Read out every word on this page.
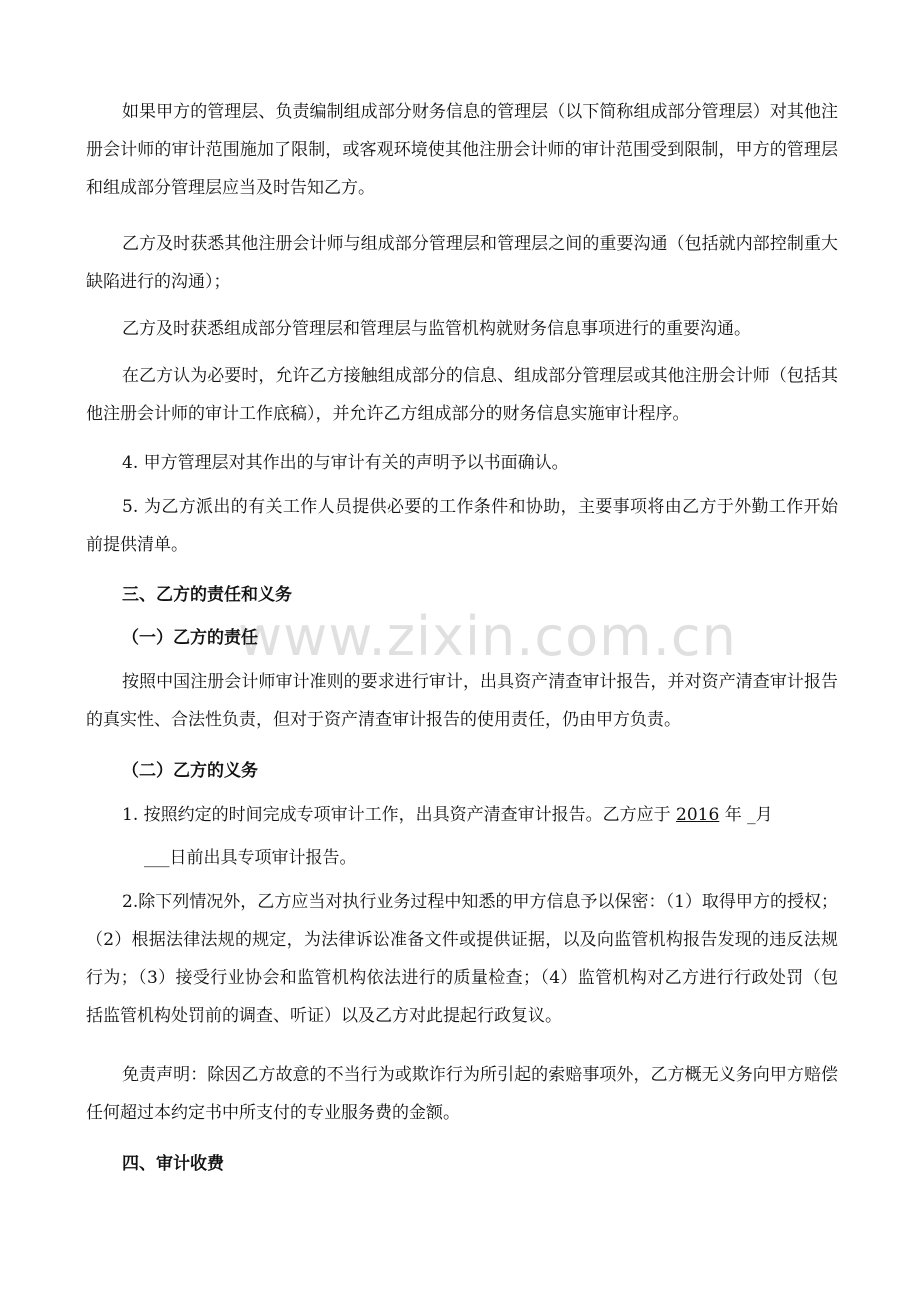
www.zixin.com.cn

如果甲方的管理层、负责编制组成部分财务信息的管理层（以下简称组成部分管理层）对其他注册会计师的审计范围施加了限制，或客观环境使其他注册会计师的审计范围受到限制，甲方的管理层和组成部分管理层应当及时告知乙方。

乙方及时获悉其他注册会计师与组成部分管理层和管理层之间的重要沟通（包括就内部控制重大缺陷进行的沟通）；

乙方及时获悉组成部分管理层和管理层与监管机构就财务信息事项进行的重要沟通。

在乙方认为必要时，允许乙方接触组成部分的信息、组成部分管理层或其他注册会计师（包括其他注册会计师的审计工作底稿），并允许乙方组成部分的财务信息实施审计程序。

4. 甲方管理层对其作出的与审计有关的声明予以书面确认。

5. 为乙方派出的有关工作人员提供必要的工作条件和协助，主要事项将由乙方于外勤工作开始前提供清单。

三、乙方的责任和义务

（一）乙方的责任

按照中国注册会计师审计准则的要求进行审计，出具资产清查审计报告，并对资产清查审计报告的真实性、合法性负责，但对于资产清查审计报告的使用责任，仍由甲方负责。

（二）乙方的义务

1. 按照约定的时间完成专项审计工作，出具资产清查审计报告。乙方应于 2016 年 _月

___日前出具专项审计报告。

2.除下列情况外，乙方应当对执行业务过程中知悉的甲方信息予以保密：（1）取得甲方的授权；（2）根据法律法规的规定，为法律诉讼准备文件或提供证据，以及向监管机构报告发现的违反法规行为；（3）接受行业协会和监管机构依法进行的质量检查；（4）监管机构对乙方进行行政处罚（包括监管机构处罚前的调查、听证）以及乙方对此提起行政复议。

免责声明：除因乙方故意的不当行为或欺诈行为所引起的索赔事项外，乙方概无义务向甲方赔偿任何超过本约定书中所支付的专业服务费的金额。

四、审计收费
